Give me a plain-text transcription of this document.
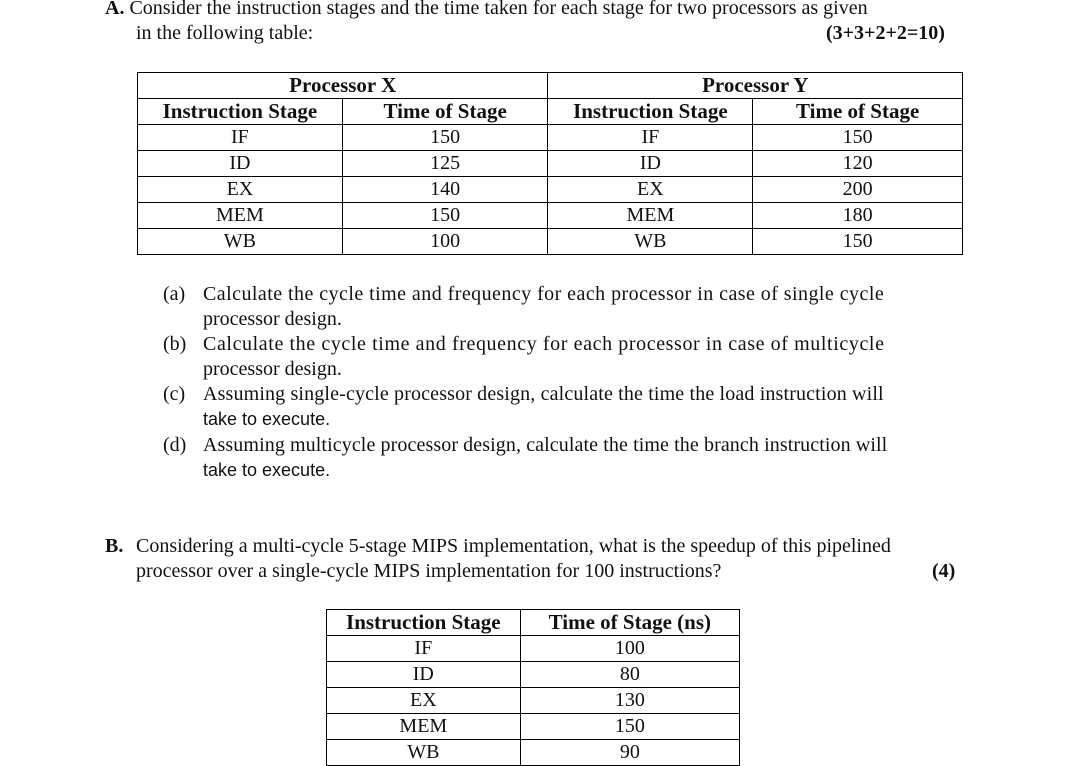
A. Consider the instruction stages and the time taken for each stage for two processors as given
in the following table:	(3+3+2+2=10)
Processor X		Processor Y	
Instruction Stage	Time of Stage	Instruction Stage	Time of Stage
IF	150	IF	150
ID	125	ID	120
EX	140	EX	200
MEM	150	MEM	180
WB	100	WB	150
(a) Calculate the cycle time and frequency for each processor in case of single cycle
processor design.
(b) Calculate the cycle time and frequency for each processor in case of multicycle
processor design.
(c) Assuming single-cycle processor design, calculate the time the load instruction will
take to execute.
(d) Assuming multicycle processor design, calculate the time the branch instruction will
take to execute.
B. Considering a multi-cycle 5-stage MIPS implementation, what is the speedup of this pipelined
processor over a single-cycle MIPS implementation for 100 instructions?	(4)
Instruction Stage	Time of Stage (ns)
IF	100
ID	80
EX	130
MEM	150
WB	90
